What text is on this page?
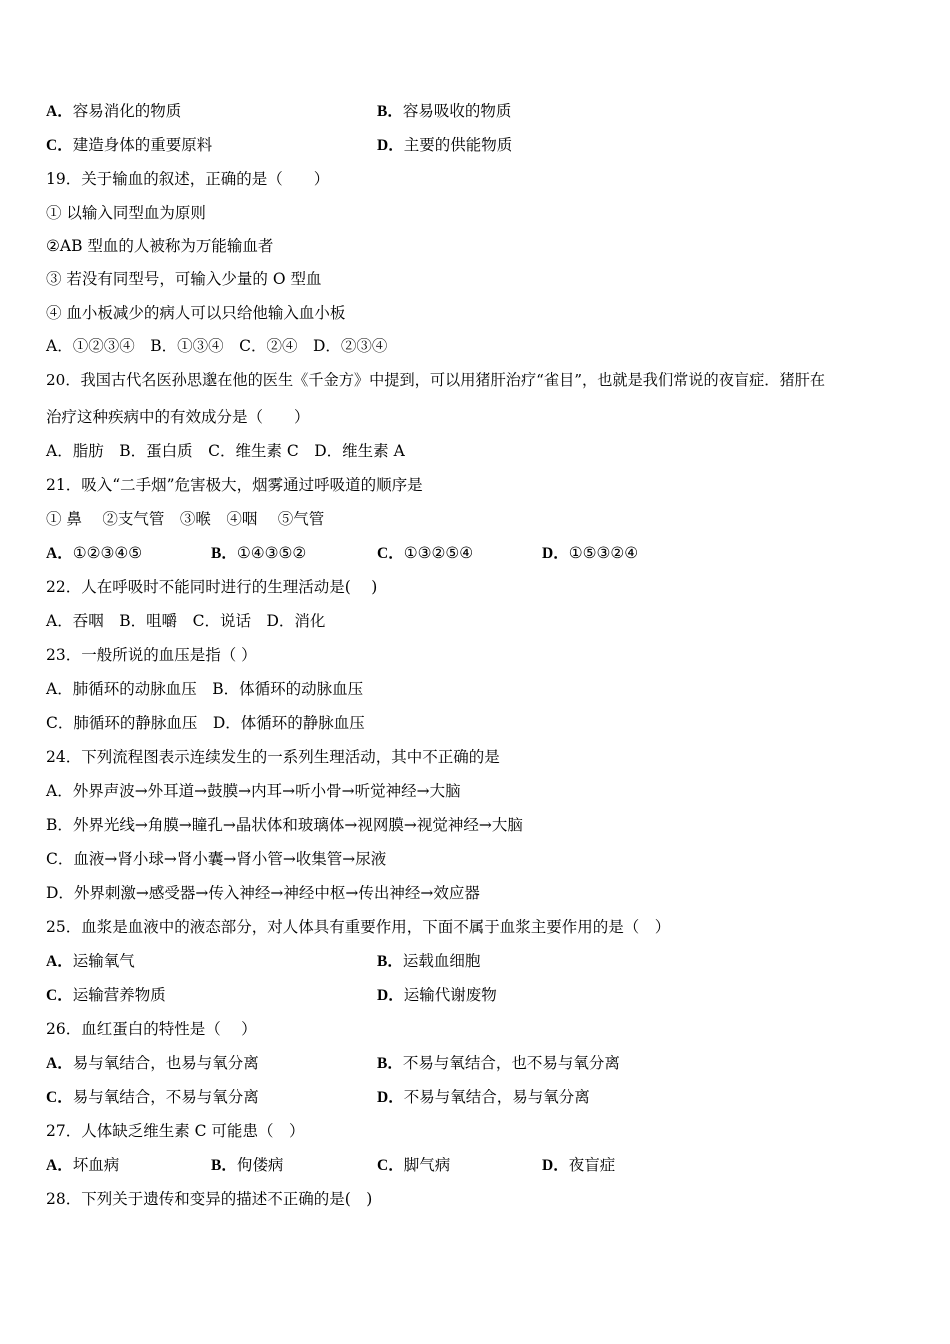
A．容易消化的物质	B．容易吸收的物质
C．建造身体的重要原料	D．主要的供能物质
19．关于输血的叙述，正确的是（　　）
① 以输入同型血为原则
②AB 型血的人被称为万能输血者
③ 若没有同型号，可输入少量的 O 型血
④ 血小板减少的病人可以只给他输入血小板
A．①②③④　B．①③④　C．②④　D．②③④
20．我国古代名医孙思邈在他的医生《千金方》中提到，可以用猪肝治疗“雀目”，也就是我们常说的夜盲症．猪肝在
治疗这种疾病中的有效成分是（　　）
A．脂肪　B．蛋白质　C．维生素 C　D．维生素 A
21．吸入“二手烟”危害极大，烟雾通过呼吸道的顺序是
① 鼻　 ②支气管　③喉　④咽　 ⑤气管
A．①②③④⑤	B．①④③⑤②	C．①③②⑤④	D．①⑤③②④
22．人在呼吸时不能同时进行的生理活动是(　 )
A．吞咽　B．咀嚼　C．说话　D．消化
23．一般所说的血压是指（ ）
A．肺循环的动脉血压　B．体循环的动脉血压
C．肺循环的静脉血压　D．体循环的静脉血压
24．下列流程图表示连续发生的一系列生理活动，其中不正确的是
A．外界声波→外耳道→鼓膜→内耳→听小骨→听觉神经→大脑
B．外界光线→角膜→瞳孔→晶状体和玻璃体→视网膜→视觉神经→大脑
C．血液→肾小球→肾小囊→肾小管→收集管→尿液
D．外界刺激→感受器→传入神经→神经中枢→传出神经→效应器
25．血浆是血液中的液态部分，对人体具有重要作用，下面不属于血浆主要作用的是（　）
A．运输氧气	B．运载血细胞
C．运输营养物质	D．运输代谢废物
26．血红蛋白的特性是（　 ）
A．易与氧结合，也易与氧分离	B．不易与氧结合，也不易与氧分离
C．易与氧结合，不易与氧分离	D．不易与氧结合，易与氧分离
27．人体缺乏维生素 C 可能患（　）
A．坏血病	B．佝偻病	C．脚气病	D．夜盲症
28．下列关于遗传和变异的描述不正确的是(　)
